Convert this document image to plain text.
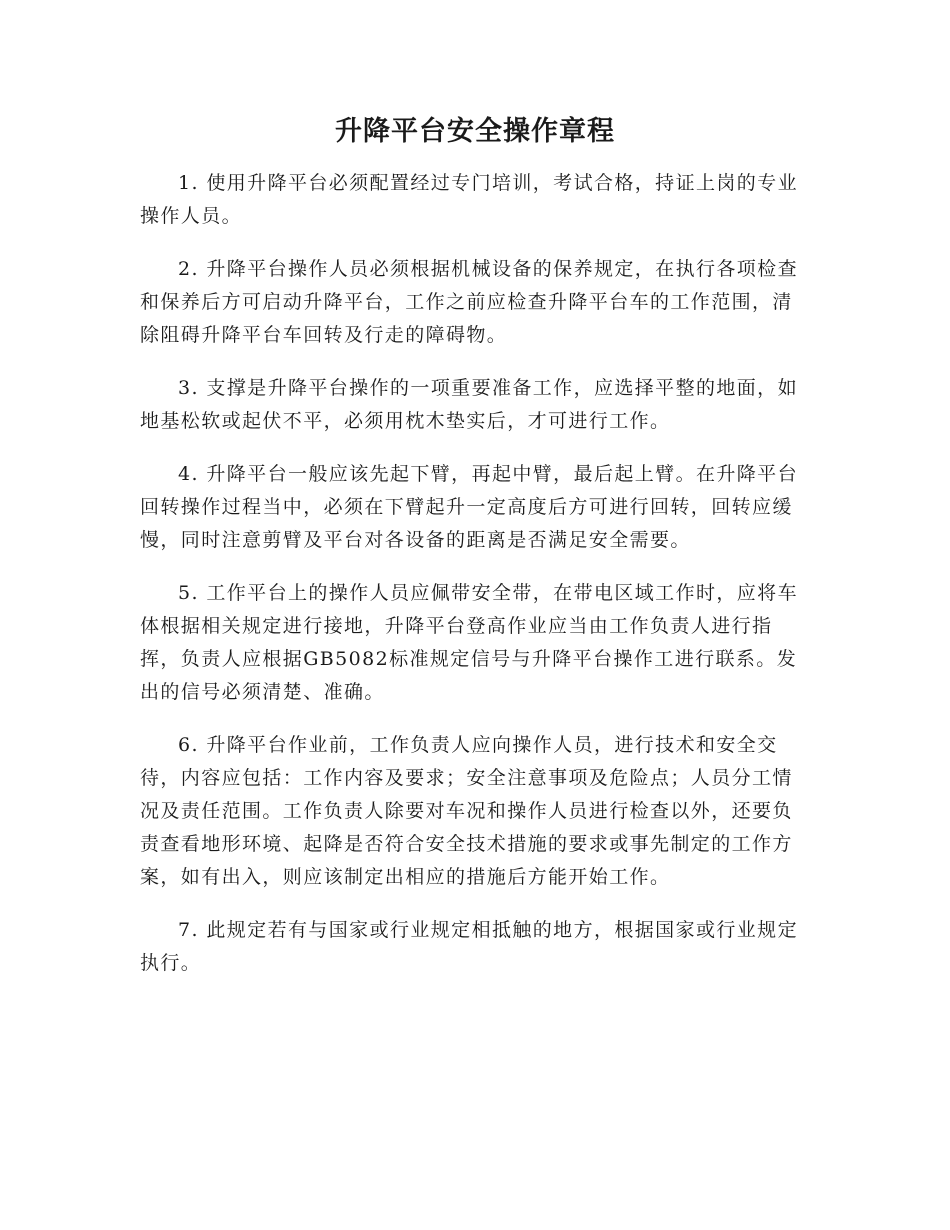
升降平台安全操作章程

1. 使用升降平台必须配置经过专门培训，考试合格，持证上岗的专业操作人员。

2. 升降平台操作人员必须根据机械设备的保养规定，在执行各项检查和保养后方可启动升降平台，工作之前应检查升降平台车的工作范围，清除阻碍升降平台车回转及行走的障碍物。

3. 支撑是升降平台操作的一项重要准备工作，应选择平整的地面，如地基松软或起伏不平，必须用枕木垫实后，才可进行工作。

4. 升降平台一般应该先起下臂，再起中臂，最后起上臂。在升降平台回转操作过程当中，必须在下臂起升一定高度后方可进行回转，回转应缓慢，同时注意剪臂及平台对各设备的距离是否满足安全需要。

5. 工作平台上的操作人员应佩带安全带，在带电区域工作时，应将车体根据相关规定进行接地，升降平台登高作业应当由工作负责人进行指挥，负责人应根据GB5082标准规定信号与升降平台操作工进行联系。发出的信号必须清楚、准确。

6. 升降平台作业前，工作负责人应向操作人员，进行技术和安全交待，内容应包括：工作内容及要求；安全注意事项及危险点；人员分工情况及责任范围。工作负责人除要对车况和操作人员进行检查以外，还要负责查看地形环境、起降是否符合安全技术措施的要求或事先制定的工作方案，如有出入，则应该制定出相应的措施后方能开始工作。

7. 此规定若有与国家或行业规定相抵触的地方，根据国家或行业规定执行。
